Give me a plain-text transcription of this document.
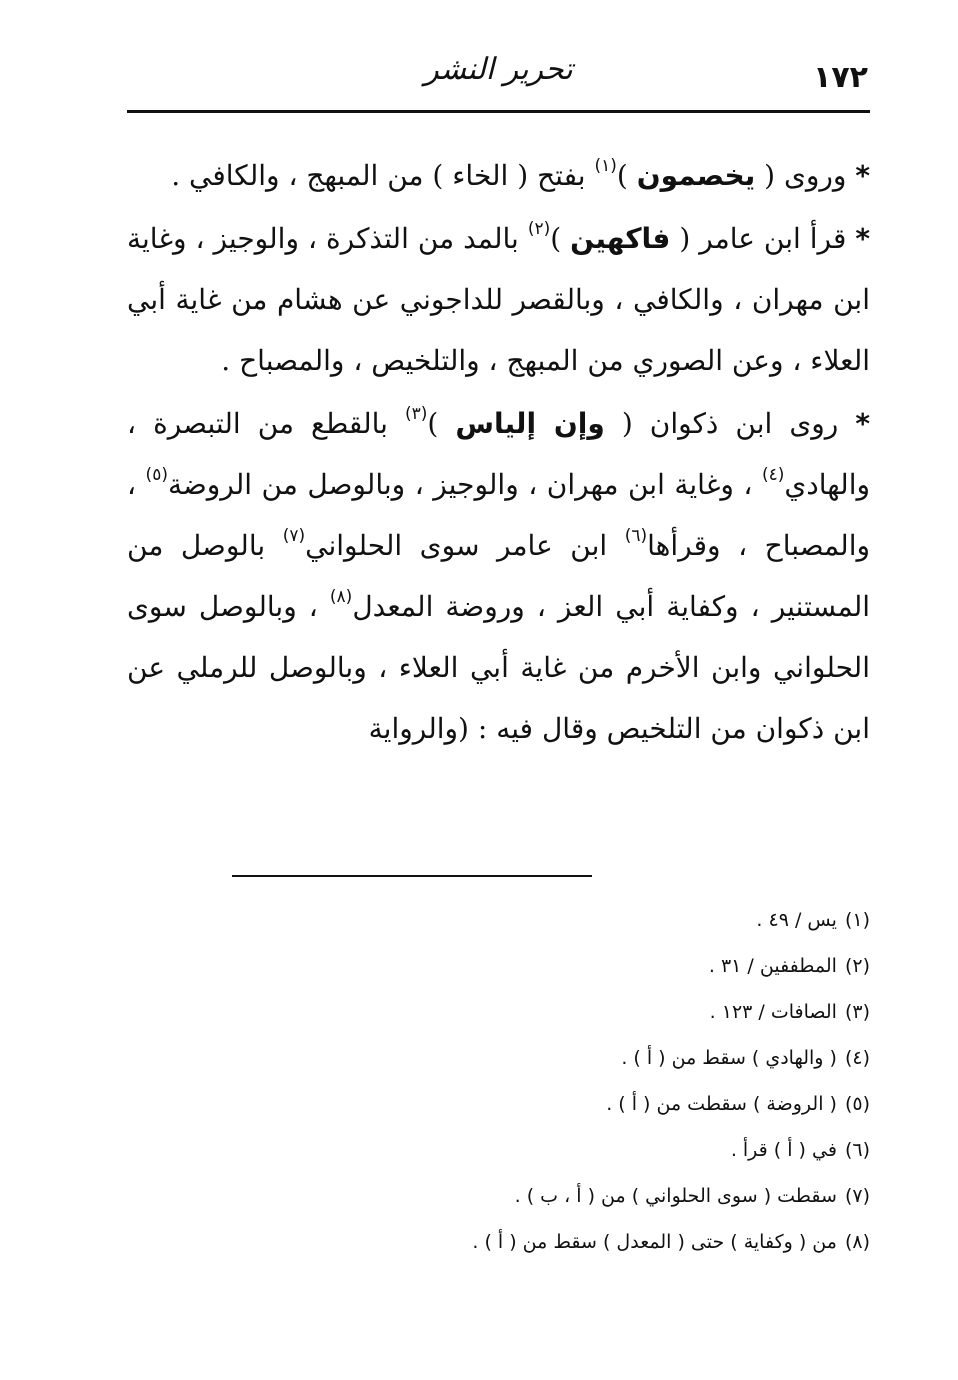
١٧٢
تحرير النشر

* وروى ( يخصمون )$^{(١)}$ بفتح ( الخاء ) من المبهج ، والكافي .

* قرأ ابن عامر ( فاكهين )$^{(٢)}$ بالمد من التذكرة ، والوجيز ، وغاية ابن مهران ، والكافي ، وبالقصر للداجوني عن هشام من غاية أبي العلاء ، وعن الصوري من المبهج ، والتلخيص ، والمصباح .

* روى ابن ذكوان ( وإن إلياس )$^{(٣)}$ بالقطع من التبصرة ، والهادي$^{(٤)}$ ، وغاية ابن مهران ، والوجيز ، وبالوصل من الروضة$^{(٥)}$ ، والمصباح ، وقرأها$^{(٦)}$ ابن عامر سوى الحلواني$^{(٧)}$ بالوصل من المستنير ، وكفاية أبي العز ، وروضة المعدل$^{(٨)}$ ، وبالوصل سوى الحلواني وابن الأخرم من غاية أبي العلاء ، وبالوصل للرملي عن ابن ذكوان من التلخيص وقال فيه : (والرواية

(١)يس / ٤٩ .
(٢)المطففين / ٣١ .
(٣)الصافات / ١٢٣ .
(٤)( والهادي ) سقط من ( أ ) .
(٥)( الروضة ) سقطت من ( أ ) .
(٦)في ( أ ) قرأ .
(٧)سقطت ( سوى الحلواني ) من ( أ ، ب ) .
(٨)من ( وكفاية ) حتى ( المعدل ) سقط من ( أ ) .
